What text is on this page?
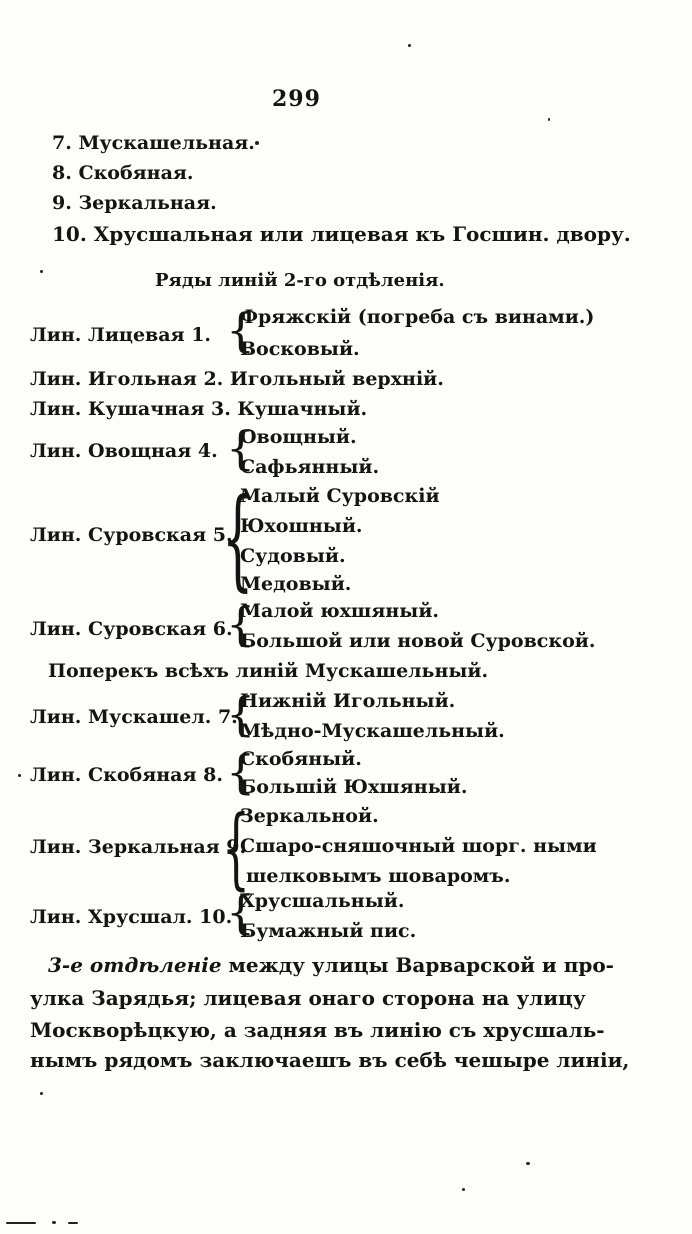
299
7. Мускашельная.
8. Скобяная.
9. Зеркальная.
10. Хрусшальная или лицевая къ Госшин. двору.
Ряды линій 2-го отдѣленія.
Лин. Лицевая 1. {
Фряжскій (погреба съ винами.)
Восковый.
Лин. Игольная 2. Игольный верхній.
Лин. Кушачная 3. Кушачный.
Лин. Овощная 4. {
Овощный.
Сафьянный.
Лин. Суровская 5.
{
Малый Суровскій
Юхошный.
Судовый.
Медовый.
Лин. Суровская 6.
{
Малой юхшяный.
Большой или новой Суровской.
Поперекъ всѣхъ линій Мускашельный.
Лин. Мускашел. 7.
{
Нижній Игольный.
Мѣдно-Мускашельный.
Лин. Скобяная 8. {
Скобяный.
Большій Юхшяный.
Лин. Зеркальная 9.
{
Зеркальной.
Сшаро-сняшочный шорг. ными
шелковымъ шоваромъ.
Лин. Хрусшал. 10.
{
Хрусшальный.
Бумажный пис.
3-е отдѣленіе между улицы Варварской и про-
улка Зарядья; лицевая онаго сторона на улицу
Москворѣцкую, а задняя въ линію съ хрусшаль-
нымъ рядомъ заключаешъ въ себѣ чешыре линіи,
